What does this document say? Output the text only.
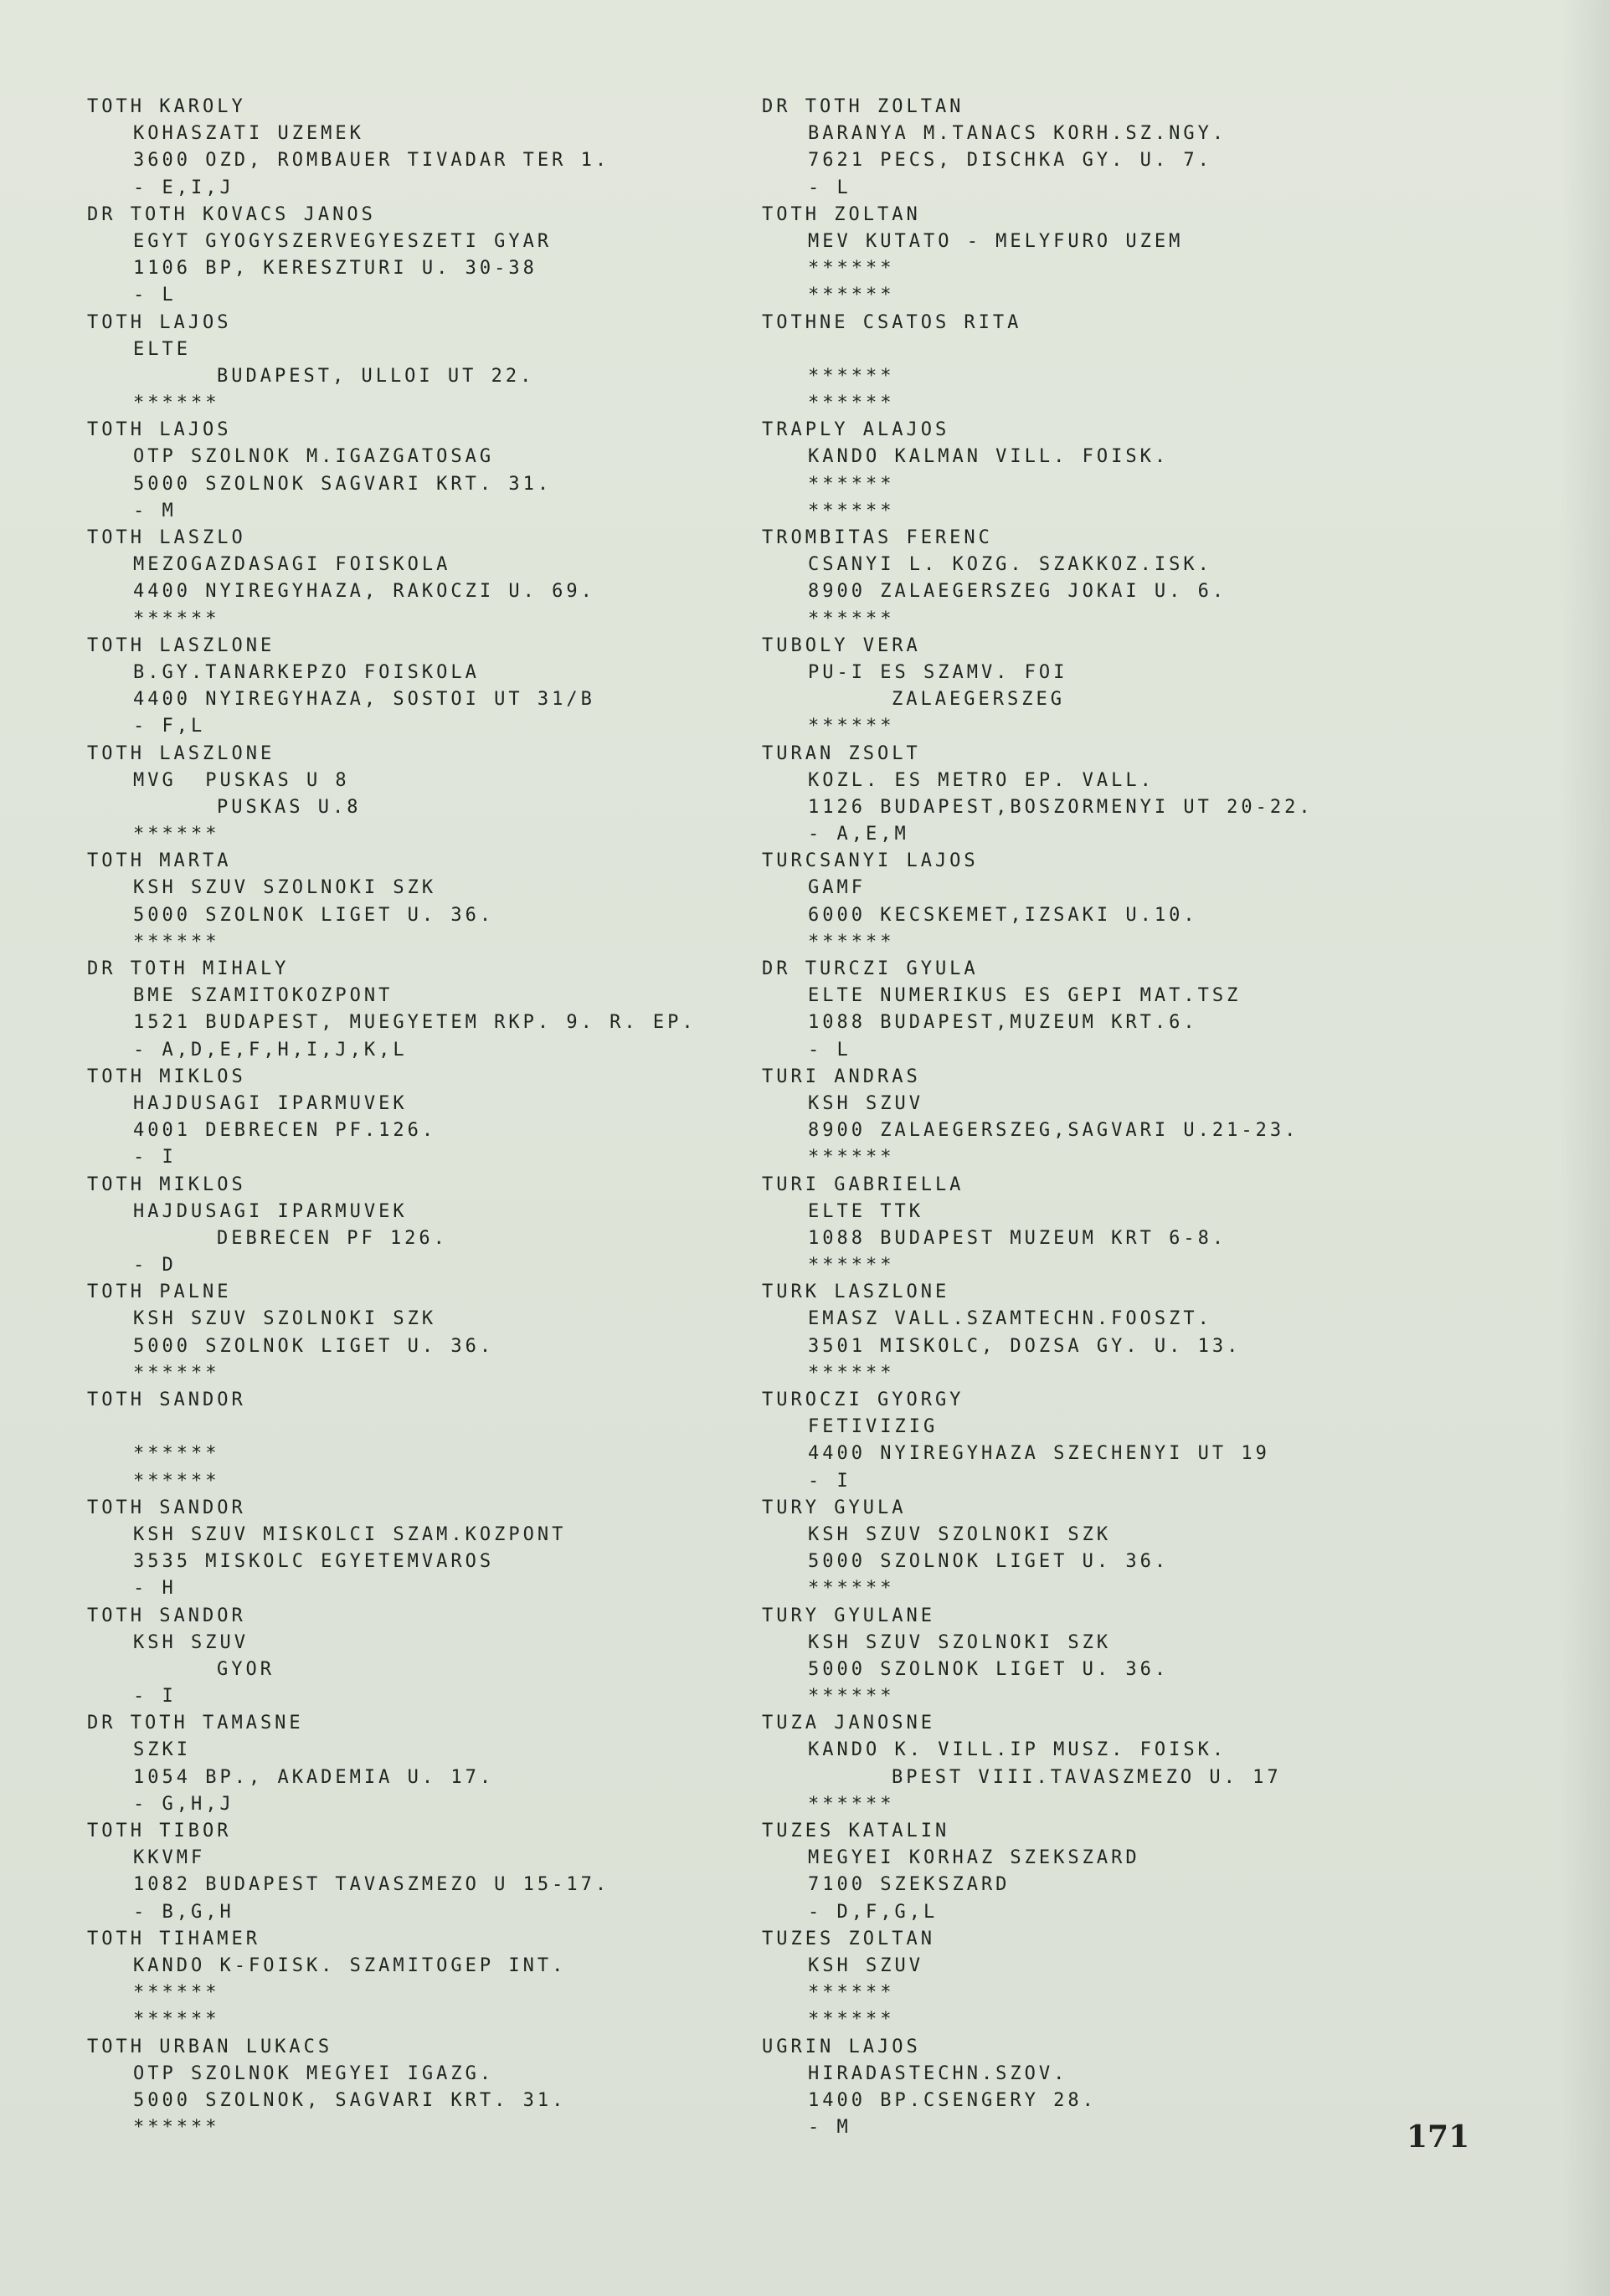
TOTH KAROLY
KOHASZATI UZEMEK
3600 OZD, ROMBAUER TIVADAR TER 1.
- E,I,J
DR TOTH KOVACS JANOS
EGYT GYOGYSZERVEGYESZETI GYAR
1106 BP, KERESZTURI U. 30-38
- L
TOTH LAJOS
ELTE
BUDAPEST, ULLOI UT 22.
******
TOTH LAJOS
OTP SZOLNOK M.IGAZGATOSAG
5000 SZOLNOK SAGVARI KRT. 31.
- M
TOTH LASZLO
MEZOGAZDASAGI FOISKOLA
4400 NYIREGYHAZA, RAKOCZI U. 69.
******
TOTH LASZLONE
B.GY.TANARKEPZO FOISKOLA
4400 NYIREGYHAZA, SOSTOI UT 31/B
- F,L
TOTH LASZLONE
MVG  PUSKAS U 8
PUSKAS U.8
******
TOTH MARTA
KSH SZUV SZOLNOKI SZK
5000 SZOLNOK LIGET U. 36.
******
DR TOTH MIHALY
BME SZAMITOKOZPONT
1521 BUDAPEST, MUEGYETEM RKP. 9. R. EP.
- A,D,E,F,H,I,J,K,L
TOTH MIKLOS
HAJDUSAGI IPARMUVEK
4001 DEBRECEN PF.126.
- I
TOTH MIKLOS
HAJDUSAGI IPARMUVEK
DEBRECEN PF 126.
- D
TOTH PALNE
KSH SZUV SZOLNOKI SZK
5000 SZOLNOK LIGET U. 36.
******
TOTH SANDOR
******
******
TOTH SANDOR
KSH SZUV MISKOLCI SZAM.KOZPONT
3535 MISKOLC EGYETEMVAROS
- H
TOTH SANDOR
KSH SZUV
GYOR
- I
DR TOTH TAMASNE
SZKI
1054 BP., AKADEMIA U. 17.
- G,H,J
TOTH TIBOR
KKVMF
1082 BUDAPEST TAVASZMEZO U 15-17.
- B,G,H
TOTH TIHAMER
KANDO K-FOISK. SZAMITOGEP INT.
******
******
TOTH URBAN LUKACS
OTP SZOLNOK MEGYEI IGAZG.
5000 SZOLNOK, SAGVARI KRT. 31.
******
DR TOTH ZOLTAN
BARANYA M.TANACS KORH.SZ.NGY.
7621 PECS, DISCHKA GY. U. 7.
- L
TOTH ZOLTAN
MEV KUTATO - MELYFURO UZEM
******
******
TOTHNE CSATOS RITA
******
******
TRAPLY ALAJOS
KANDO KALMAN VILL. FOISK.
******
******
TROMBITAS FERENC
CSANYI L. KOZG. SZAKKOZ.ISK.
8900 ZALAEGERSZEG JOKAI U. 6.
******
TUBOLY VERA
PU-I ES SZAMV. FOI
ZALAEGERSZEG
******
TURAN ZSOLT
KOZL. ES METRO EP. VALL.
1126 BUDAPEST,BOSZORMENYI UT 20-22.
- A,E,M
TURCSANYI LAJOS
GAMF
6000 KECSKEMET,IZSAKI U.10.
******
DR TURCZI GYULA
ELTE NUMERIKUS ES GEPI MAT.TSZ
1088 BUDAPEST,MUZEUM KRT.6.
- L
TURI ANDRAS
KSH SZUV
8900 ZALAEGERSZEG,SAGVARI U.21-23.
******
TURI GABRIELLA
ELTE TTK
1088 BUDAPEST MUZEUM KRT 6-8.
******
TURK LASZLONE
EMASZ VALL.SZAMTECHN.FOOSZT.
3501 MISKOLC, DOZSA GY. U. 13.
******
TUROCZI GYORGY
FETIVIZIG
4400 NYIREGYHAZA SZECHENYI UT 19
- I
TURY GYULA
KSH SZUV SZOLNOKI SZK
5000 SZOLNOK LIGET U. 36.
******
TURY GYULANE
KSH SZUV SZOLNOKI SZK
5000 SZOLNOK LIGET U. 36.
******
TUZA JANOSNE
KANDO K. VILL.IP MUSZ. FOISK.
BPEST VIII.TAVASZMEZO U. 17
******
TUZES KATALIN
MEGYEI KORHAZ SZEKSZARD
7100 SZEKSZARD
- D,F,G,L
TUZES ZOLTAN
KSH SZUV
******
******
UGRIN LAJOS
HIRADASTECHN.SZOV.
1400 BP.CSENGERY 28.
- M	171
